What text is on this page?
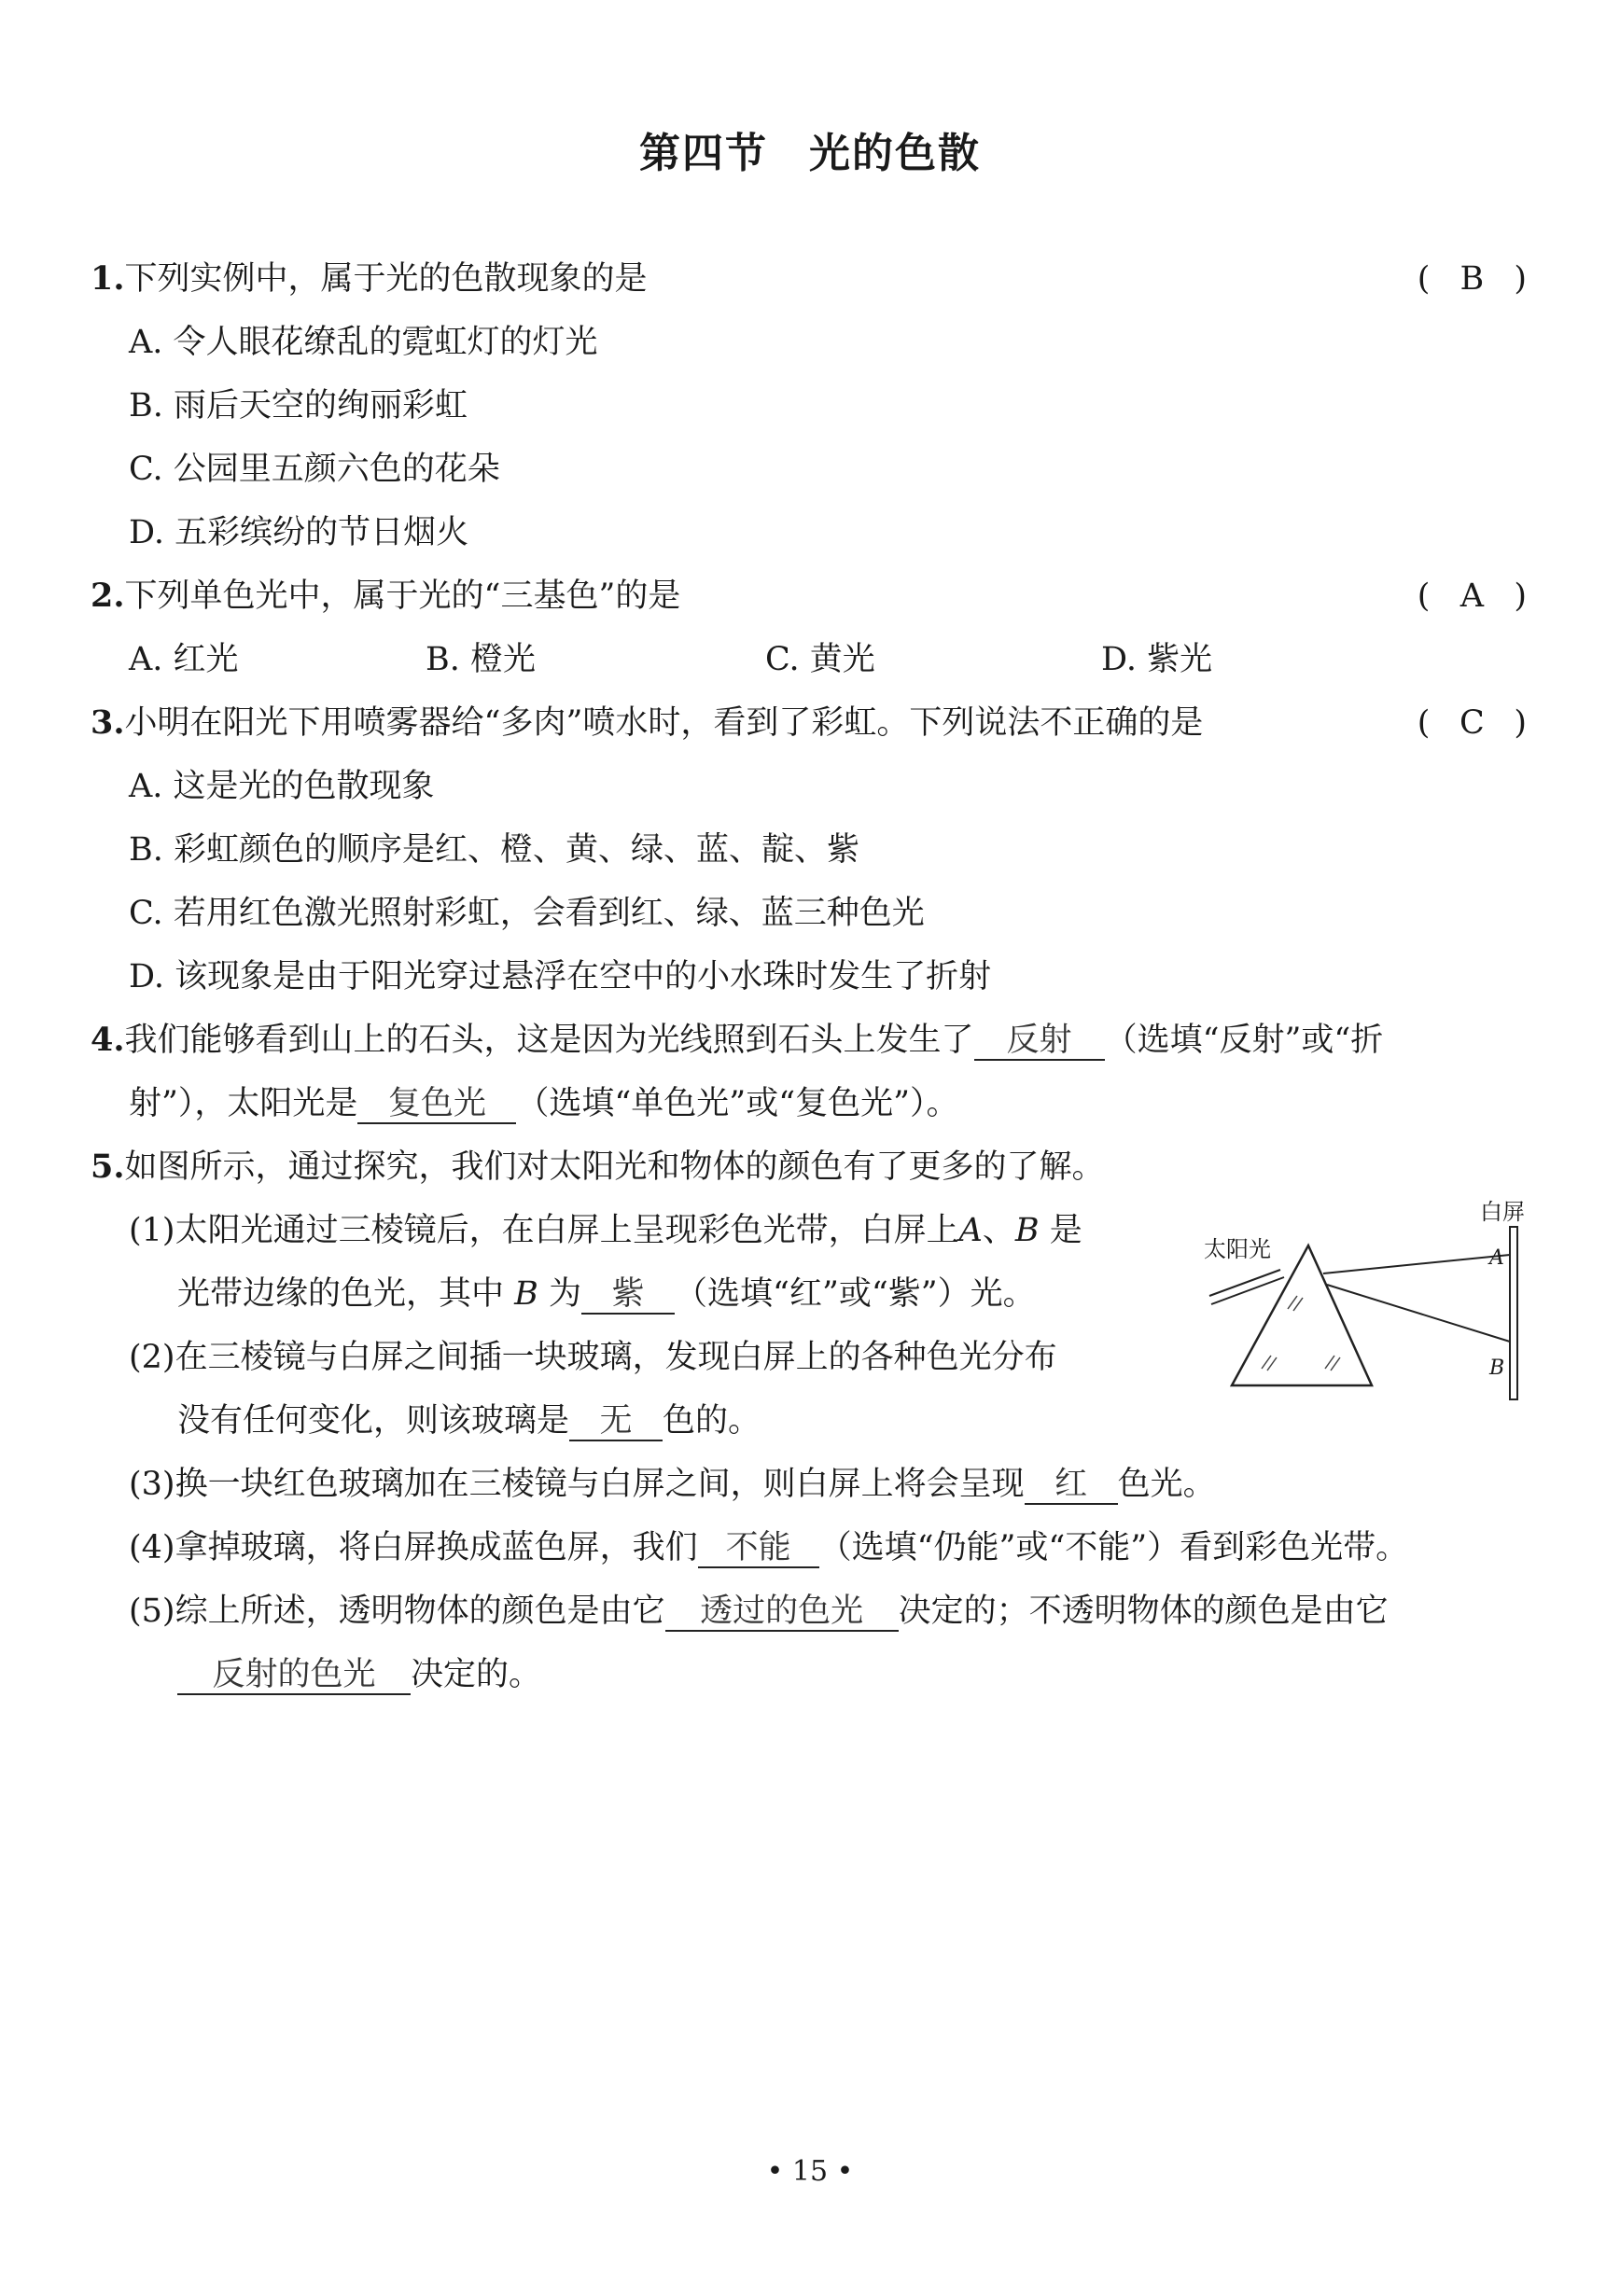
第四节 光的色散
1.下列实例中，属于光的色散现象的是	( B )
A. 令人眼花缭乱的霓虹灯的灯光
B. 雨后天空的绚丽彩虹
C. 公园里五颜六色的花朵
D. 五彩缤纷的节日烟火
2.下列单色光中，属于光的“三基色”的是	( A )
A. 红光	B. 橙光	C. 黄光	D. 紫光
3.小明在阳光下用喷雾器给“多肉”喷水时，看到了彩虹。下列说法不正确的是	( C )
A. 这是光的色散现象
B. 彩虹颜色的顺序是红、橙、黄、绿、蓝、靛、紫
C. 若用红色激光照射彩虹，会看到红、绿、蓝三种色光
D. 该现象是由于阳光穿过悬浮在空中的小水珠时发生了折射
4.我们能够看到山上的石头，这是因为光线照到石头上发生了 反射 （选填“反射”或“折
射”），太阳光是 复色光 （选填“单色光”或“复色光”）。
5.如图所示，通过探究，我们对太阳光和物体的颜色有了更多的了解。
(1)太阳光通过三棱镜后，在白屏上呈现彩色光带，白屏上A、B 是
光带边缘的色光，其中 B 为 紫 （选填“红”或“紫”）光。
太阳光
白屏
A
B
(2)在三棱镜与白屏之间插一块玻璃，发现白屏上的各种色光分布
没有任何变化，则该玻璃是 无 色的。
(3)换一块红色玻璃加在三棱镜与白屏之间，则白屏上将会呈现 红 色光。
(4)拿掉玻璃，将白屏换成蓝色屏，我们 不能 （选填“仍能”或“不能”）看到彩色光带。
(5)综上所述，透明物体的颜色是由它 透过的色光 决定的；不透明物体的颜色是由它
反射的色光 决定的。
• 15 •
